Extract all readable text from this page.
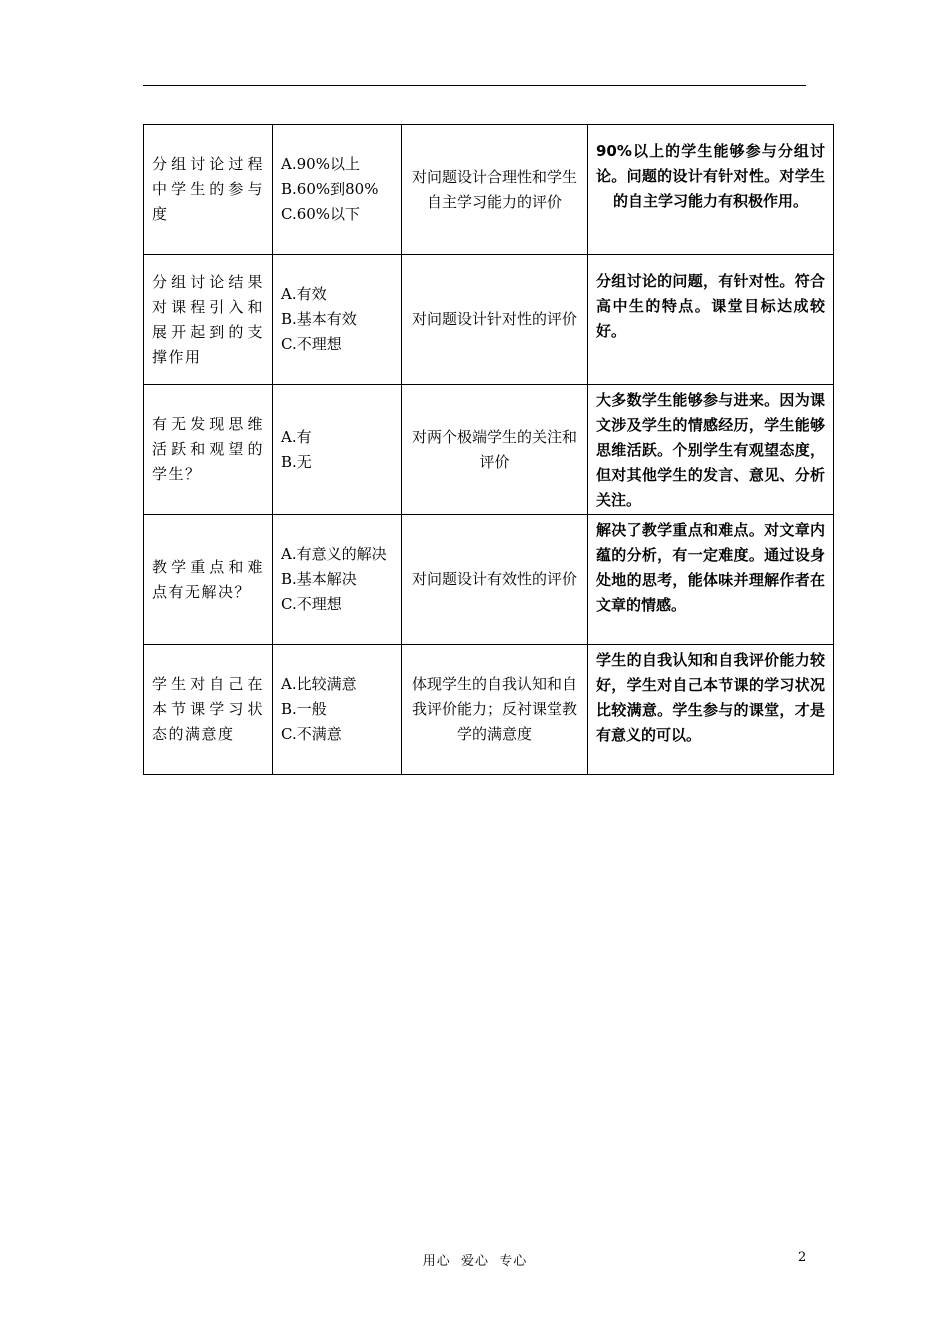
分组讨论过程中学生的参与度	A.90%以上
B.60%到80%
C.60%以下	对问题设计合理性和学生自主学习能力的评价	90%以上的学生能够参与分组讨论。问题的设计有针对性。对学生的自主学习能力有积极作用。
分组讨论结果对课程引入和展开起到的支撑作用	A.有效
B.基本有效
C.不理想	对问题设计针对性的评价	分组讨论的问题，有针对性。符合高中生的特点。课堂目标达成较好。
有无发现思维活跃和观望的学生？	A.有
B.无	对两个极端学生的关注和评价	大多数学生能够参与进来。因为课文涉及学生的情感经历，学生能够思维活跃。个别学生有观望态度，但对其他学生的发言、意见、分析关注。
教学重点和难点有无解决？	A.有意义的解决
B.基本解决
C.不理想	对问题设计有效性的评价	解决了教学重点和难点。对文章内蕴的分析，有一定难度。通过设身处地的思考，能体味并理解作者在文章的情感。
学生对自己在本节课学习状态的满意度	A.比较满意
B.一般
C.不满意	体现学生的自我认知和自我评价能力；反衬课堂教学的满意度	学生的自我认知和自我评价能力较好，学生对自己本节课的学习状况比较满意。学生参与的课堂，才是有意义的可以。
用心  爱心  专心	2
